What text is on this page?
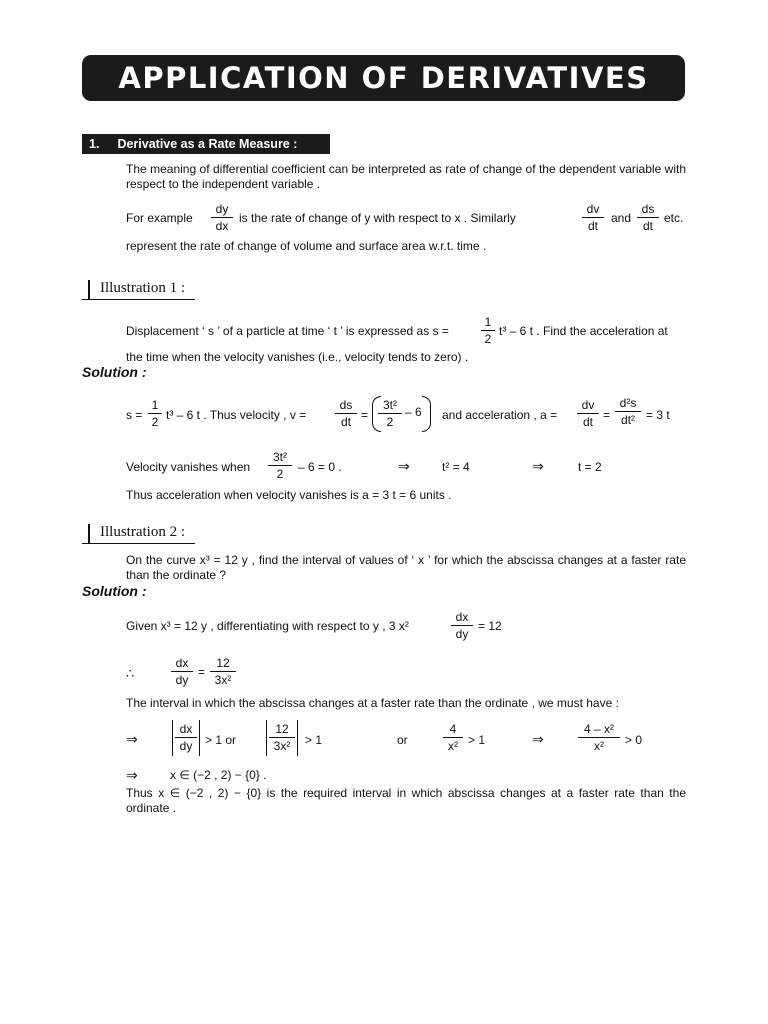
APPLICATION OF DERIVATIVES
1. Derivative as a Rate Measure :
The meaning of differential coefficient can be interpreted as rate of change of the dependent variable with respect to the independent variable .
For example $\frac{dy}{dx}$ is the rate of change of y with respect to x . Similarly	$\frac{dv}{dt}$ and $\frac{ds}{dt}$ etc.
represent the rate of change of volume and surface area w.r.t. time .
Illustration 1 :
Displacement ‘ s ’ of a particle at time ‘ t ’ is expressed as s =	$\frac{1}{2} t^3 - 6$ t . Find the acceleration at
the time when the velocity vanishes (i.e., velocity tends to zero) .
Solution :
$s = \frac{1}{2} t^3 - 6$ t . Thus velocity , $v = \frac{ds}{dt} = \frac{\text{3t²}}{2} - 6$ and acceleration , $a = \frac{dv}{dt} = \frac{\text{d²s}}{\text{dt²}} = 3$ t
Velocity vanishes when $\frac{\text{3t²}}{2} - 6 = 0$ .	⇒	t² = 4	⇒	t = 2
Thus acceleration when velocity vanishes is a = 3 t = 6 units .
Illustration 2 :
On the curve x³ = 12 y , find the interval of values of ‘ x ’ for which the abscissa changes at a faster rate than the ordinate ?
Solution :
Given x³ = 12 y , differentiating with respect to y , 3 x²	$\frac{dx}{dy} = 12$
∴	$\frac{dx}{dy} = \frac{12}{\text{3x²}}$
The interval in which the abscissa changes at a faster rate than the ordinate , we must have :
⇒	$\frac{dx}{dy} > 1$ or	$\frac{12}{\text{3x²}} > 1$	or	$\frac{4}{\text{x²}} > 1$	⇒	$\frac{\text{4 – x²}}{\text{x²}} > 0$
⇒	x ∈ (−2 , 2) − {0} .
Thus x ∈ (−2 , 2) − {0} is the required interval in which abscissa changes at a faster rate than the ordinate .
